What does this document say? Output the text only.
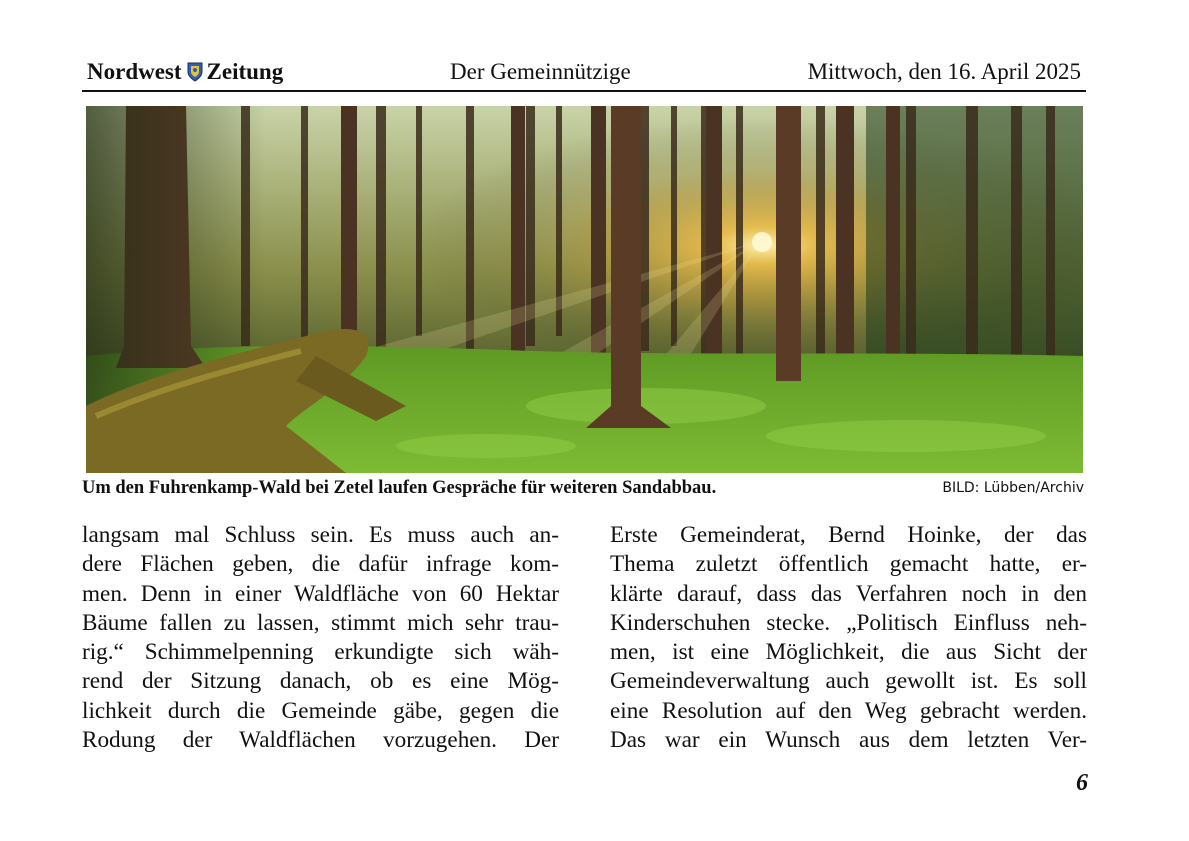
Nordwest Zeitung	Der Gemeinnützige	Mittwoch, den 16. April 2025
Um den Fuhrenkamp-Wald bei Zetel laufen Gespräche für weiteren Sandabbau.	BILD: Lübben/Archiv
langsam mal Schluss sein. Es muss auch an-
dere Flächen geben, die dafür infrage kom-
men. Denn in einer Waldfläche von 60 Hektar
Bäume fallen zu lassen, stimmt mich sehr trau-
rig.“ Schimmelpenning erkundigte sich wäh-
rend der Sitzung danach, ob es eine Mög-
lichkeit durch die Gemeinde gäbe, gegen die
Rodung der Waldflächen vorzugehen. Der
Erste Gemeinderat, Bernd Hoinke, der das
Thema zuletzt öffentlich gemacht hatte, er-
klärte darauf, dass das Verfahren noch in den
Kinderschuhen stecke. „Politisch Einfluss neh-
men, ist eine Möglichkeit, die aus Sicht der
Gemeindeverwaltung auch gewollt ist. Es soll
eine Resolution auf den Weg gebracht werden.
Das war ein Wunsch aus dem letzten Ver-
6
